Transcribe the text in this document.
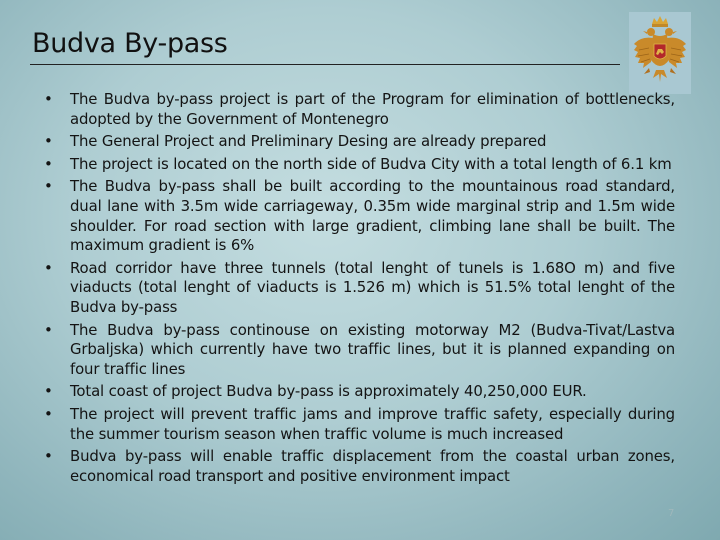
Budva By-pass
• The Budva by-pass project is part of the Program for elimination of bottlenecks, adopted by the Government of Montenegro
• The General Project and Preliminary Desing are already prepared
• The project is located on the north side of Budva City with a total length of 6.1 km
• The Budva by-pass shall be built according to the mountainous road standard, dual lane with 3.5m wide carriageway, 0.35m wide marginal strip and 1.5m wide shoulder. For road section with large gradient, climbing lane shall be built. The maximum gradient is 6%
• Road corridor have three tunnels (total lenght of tunels is 1.68O m) and five viaducts (total lenght of viaducts is 1.526 m) which is 51.5% total lenght of the Budva by-pass
• The Budva by-pass continouse on existing motorway M2 (Budva-Tivat/Lastva Grbaljska) which currently have two traffic lines, but it is planned expanding on four traffic lines
• Total coast of project Budva by-pass is approximately 40,250,000 EUR.
• The project will prevent traffic jams and improve traffic safety, especially during the summer tourism season when traffic volume is much increased
• Budva by-pass will enable traffic displacement from the coastal urban zones, economical road transport and positive environment impact
7
